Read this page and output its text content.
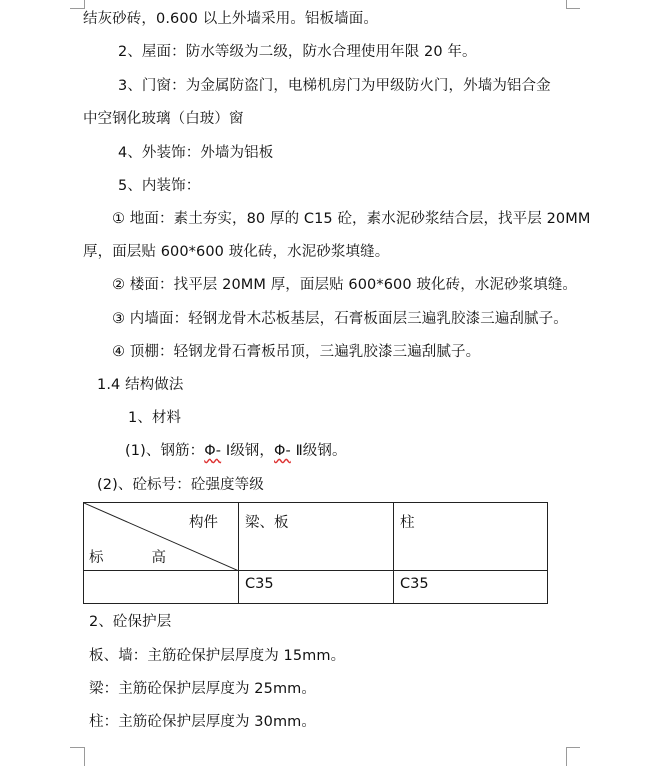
结灰砂砖，0.600 以上外墙采用。铝板墙面。
2、屋面：防水等级为二级，防水合理使用年限 20 年。
3、门窗：为金属防盗门，电梯机房门为甲级防火门，外墙为铝合金
中空钢化玻璃（白玻）窗
4、外装饰：外墙为铝板
5、内装饰：
① 地面：素土夯实，80 厚的 C15 砼，素水泥砂浆结合层，找平层 20MM
厚，面层贴 600*600 玻化砖，水泥砂浆填缝。
② 楼面：找平层 20MM 厚，面层贴 600*600 玻化砖，水泥砂浆填缝。
③ 内墙面：轻钢龙骨木芯板基层，石膏板面层三遍乳胶漆三遍刮腻子。
④ 顶棚：轻钢龙骨石膏板吊顶，三遍乳胶漆三遍刮腻子。
1.4 结构做法
1、材料
(1)、钢筋：Φ- Ⅰ级钢，Φ- Ⅱ级钢。
(2)、砼标号：砼强度等级
构件
标 高	梁、板	柱
	C35	C35
2、砼保护层
板、墙：主筋砼保护层厚度为 15mm。
梁：主筋砼保护层厚度为 25mm。
柱：主筋砼保护层厚度为 30mm。
